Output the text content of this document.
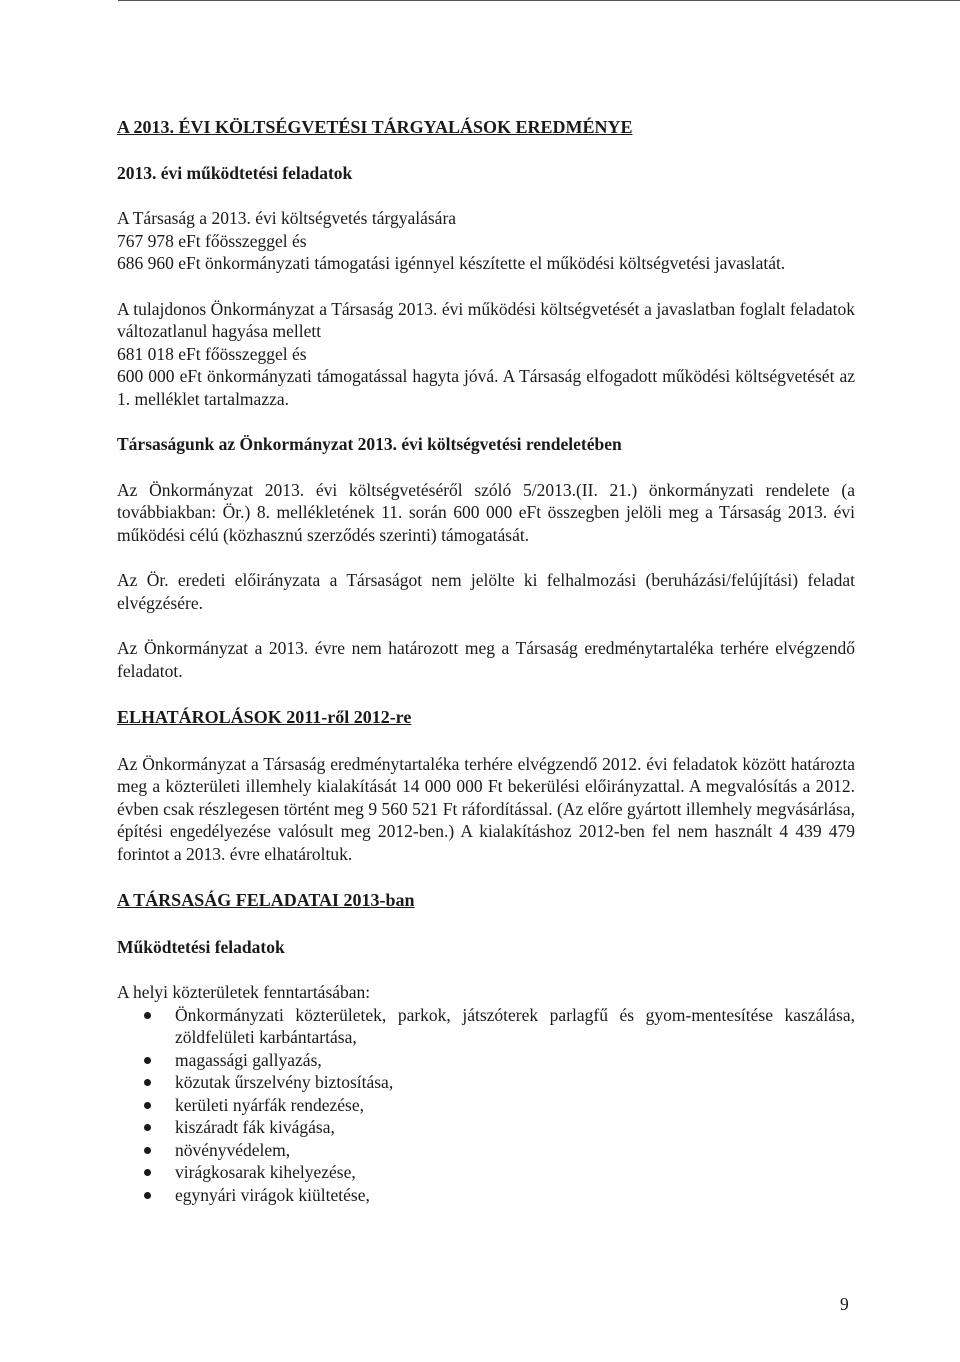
A 2013. ÉVI KÖLTSÉGVETÉSI TÁRGYALÁSOK EREDMÉNYE

2013. évi működtetési feladatok

A Társaság a 2013. évi költségvetés tárgyalására
767 978 eFt főösszeggel és
686 960 eFt önkormányzati támogatási igénnyel készítette el működési költségvetési javaslatát.

A tulajdonos Önkormányzat a Társaság 2013. évi működési költségvetését a javaslatban foglalt feladatok változatlanul hagyása mellett
681 018 eFt főösszeggel és
600 000 eFt önkormányzati támogatással hagyta jóvá. A Társaság elfogadott működési költségvetését az 1. melléklet tartalmazza.

Társaságunk az Önkormányzat 2013. évi költségvetési rendeletében

Az Önkormányzat 2013. évi költségvetéséről szóló 5/2013.(II. 21.) önkormányzati rendelete (a továbbiakban: Ör.) 8. mellékletének 11. során 600 000 eFt összegben jelöli meg a Társaság 2013. évi működési célú (közhasznú szerződés szerinti) támogatását.

Az Ör. eredeti előirányzata a Társaságot nem jelölte ki felhalmozási (beruházási/felújítási) feladat elvégzésére.

Az Önkormányzat a 2013. évre nem határozott meg a Társaság eredménytartaléka terhére elvégzendő feladatot.

ELHATÁROLÁSOK 2011-ről 2012-re

Az Önkormányzat a Társaság eredménytartaléka terhére elvégzendő 2012. évi feladatok között határozta meg a közterületi illemhely kialakítását 14 000 000 Ft bekerülési előirányzattal. A megvalósítás a 2012. évben csak részlegesen történt meg 9 560 521 Ft ráfordítással. (Az előre gyártott illemhely megvásárlása, építési engedélyezése valósult meg 2012-ben.) A kialakításhoz 2012-ben fel nem használt 4 439 479 forintot a 2013. évre elhatároltuk.

A TÁRSASÁG FELADATAI 2013-ban

Működtetési feladatok

A helyi közterületek fenntartásában:

Önkormányzati közterületek, parkok, játszóterek parlagfű és gyom-mentesítése kaszálása, zöldfelületi karbántartása,
magassági gallyazás,
közutak űrszelvény biztosítása,
kerületi nyárfák rendezése,
kiszáradt fák kivágása,
növényvédelem,
virágkosarak kihelyezése,
egynyári virágok kiültetése,
9
